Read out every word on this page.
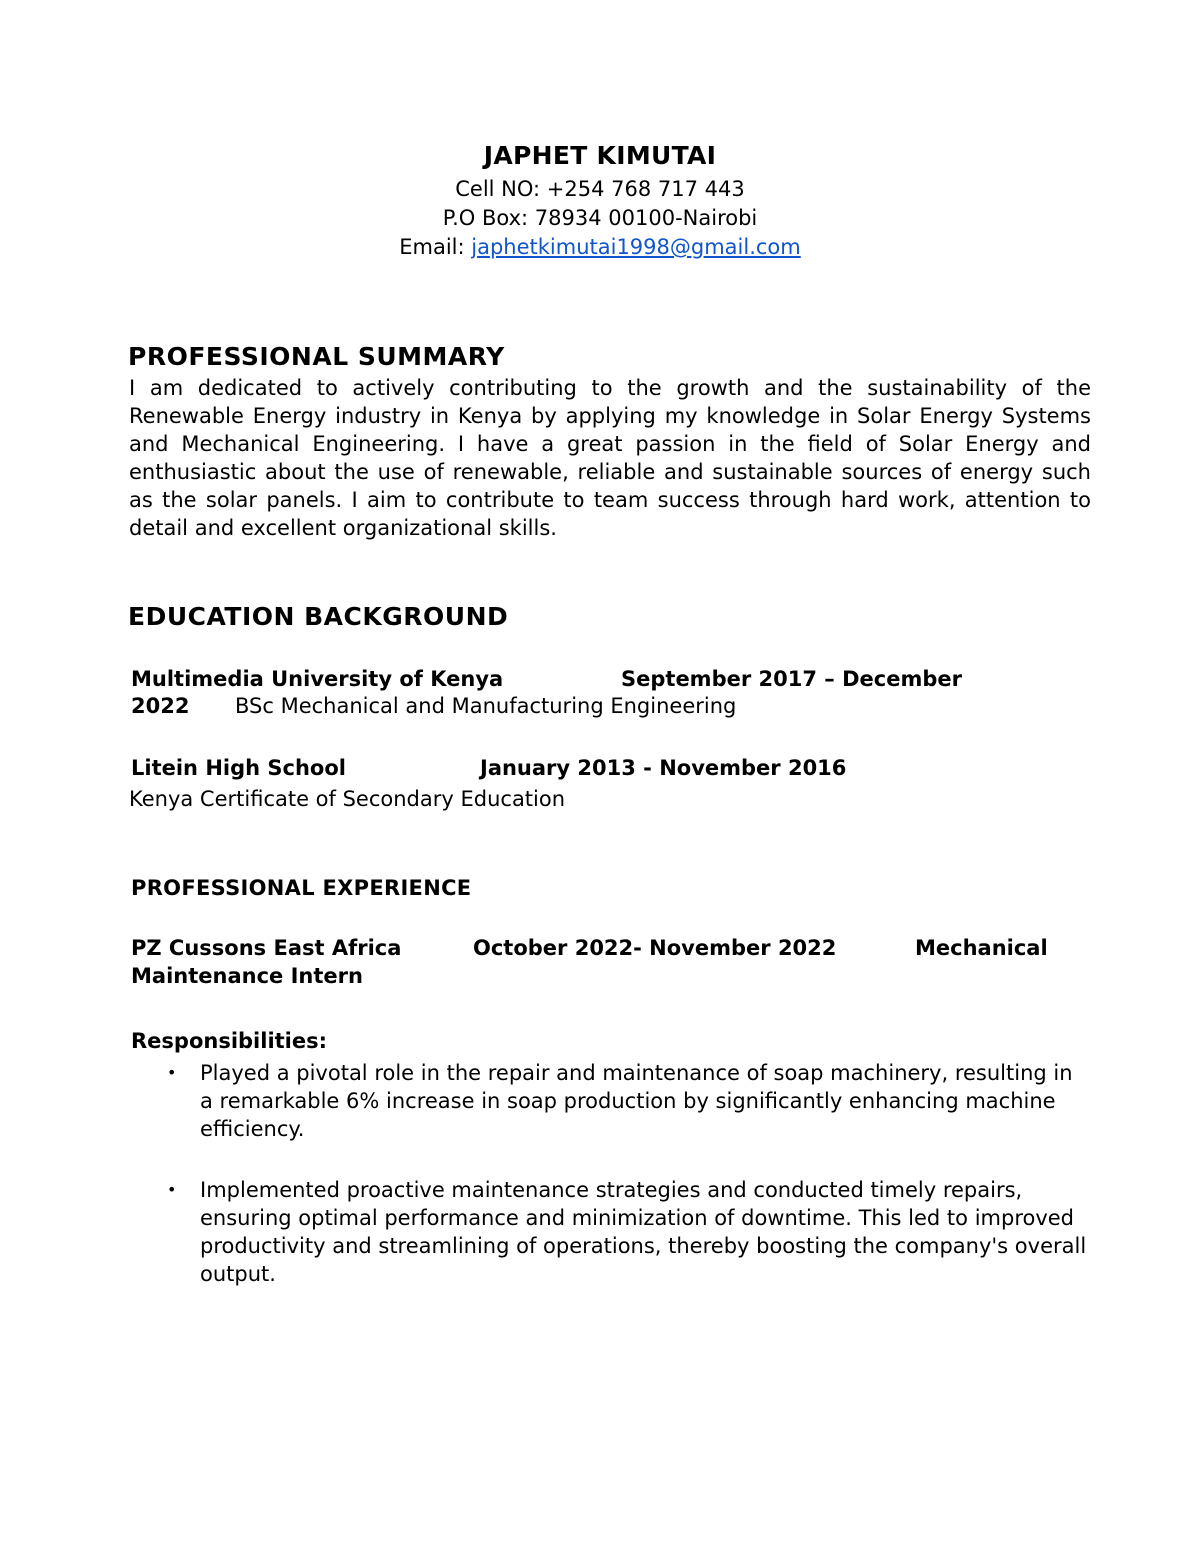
JAPHET KIMUTAI
Cell NO: +254 768 717 443
P.O Box: 78934 00100-Nairobi
Email: japhetkimutai1998@gmail.com
PROFESSIONAL SUMMARY
I am dedicated to actively contributing to the growth and the sustainability of the Renewable Energy industry in Kenya by applying my knowledge in Solar Energy Systems and Mechanical Engineering. I have a great passion in the field of Solar Energy and enthusiastic about the use of renewable, reliable and sustainable sources of energy such as the solar panels. I aim to contribute to team success through hard work, attention to detail and excellent organizational skills.
EDUCATION BACKGROUND
Multimedia University of Kenya	September 2017 – December
2022 BSc Mechanical and Manufacturing Engineering
Litein High School	January 2013 - November 2016
Kenya Certificate of Secondary Education
PROFESSIONAL EXPERIENCE
PZ Cussons East Africa	October 2022- November 2022	Mechanical
Maintenance Intern
Responsibilities:
• Played a pivotal role in the repair and maintenance of soap machinery, resulting in a remarkable 6% increase in soap production by significantly enhancing machine efficiency.
• Implemented proactive maintenance strategies and conducted timely repairs, ensuring optimal performance and minimization of downtime. This led to improved productivity and streamlining of operations, thereby boosting the company's overall output.
